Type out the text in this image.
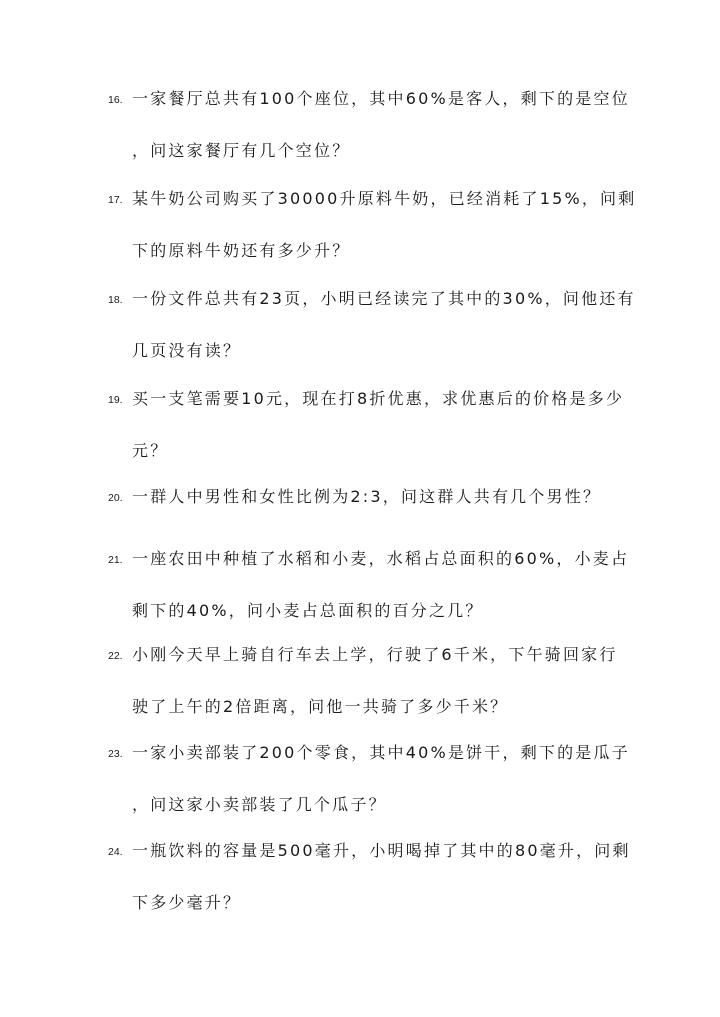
16. 一家餐厅总共有100个座位，其中60%是客人，剩下的是空位
，问这家餐厅有几个空位？
17. 某牛奶公司购买了30000升原料牛奶，已经消耗了15%，问剩
下的原料牛奶还有多少升？
18. 一份文件总共有23页，小明已经读完了其中的30%，问他还有
几页没有读？
19. 买一支笔需要10元，现在打8折优惠，求优惠后的价格是多少
元？
20. 一群人中男性和女性比例为2:3，问这群人共有几个男性？
21. 一座农田中种植了水稻和小麦，水稻占总面积的60%，小麦占
剩下的40%，问小麦占总面积的百分之几？
22. 小刚今天早上骑自行车去上学，行驶了6千米，下午骑回家行
驶了上午的2倍距离，问他一共骑了多少千米？
23. 一家小卖部装了200个零食，其中40%是饼干，剩下的是瓜子
，问这家小卖部装了几个瓜子？
24. 一瓶饮料的容量是500毫升，小明喝掉了其中的80毫升，问剩
下多少毫升？
